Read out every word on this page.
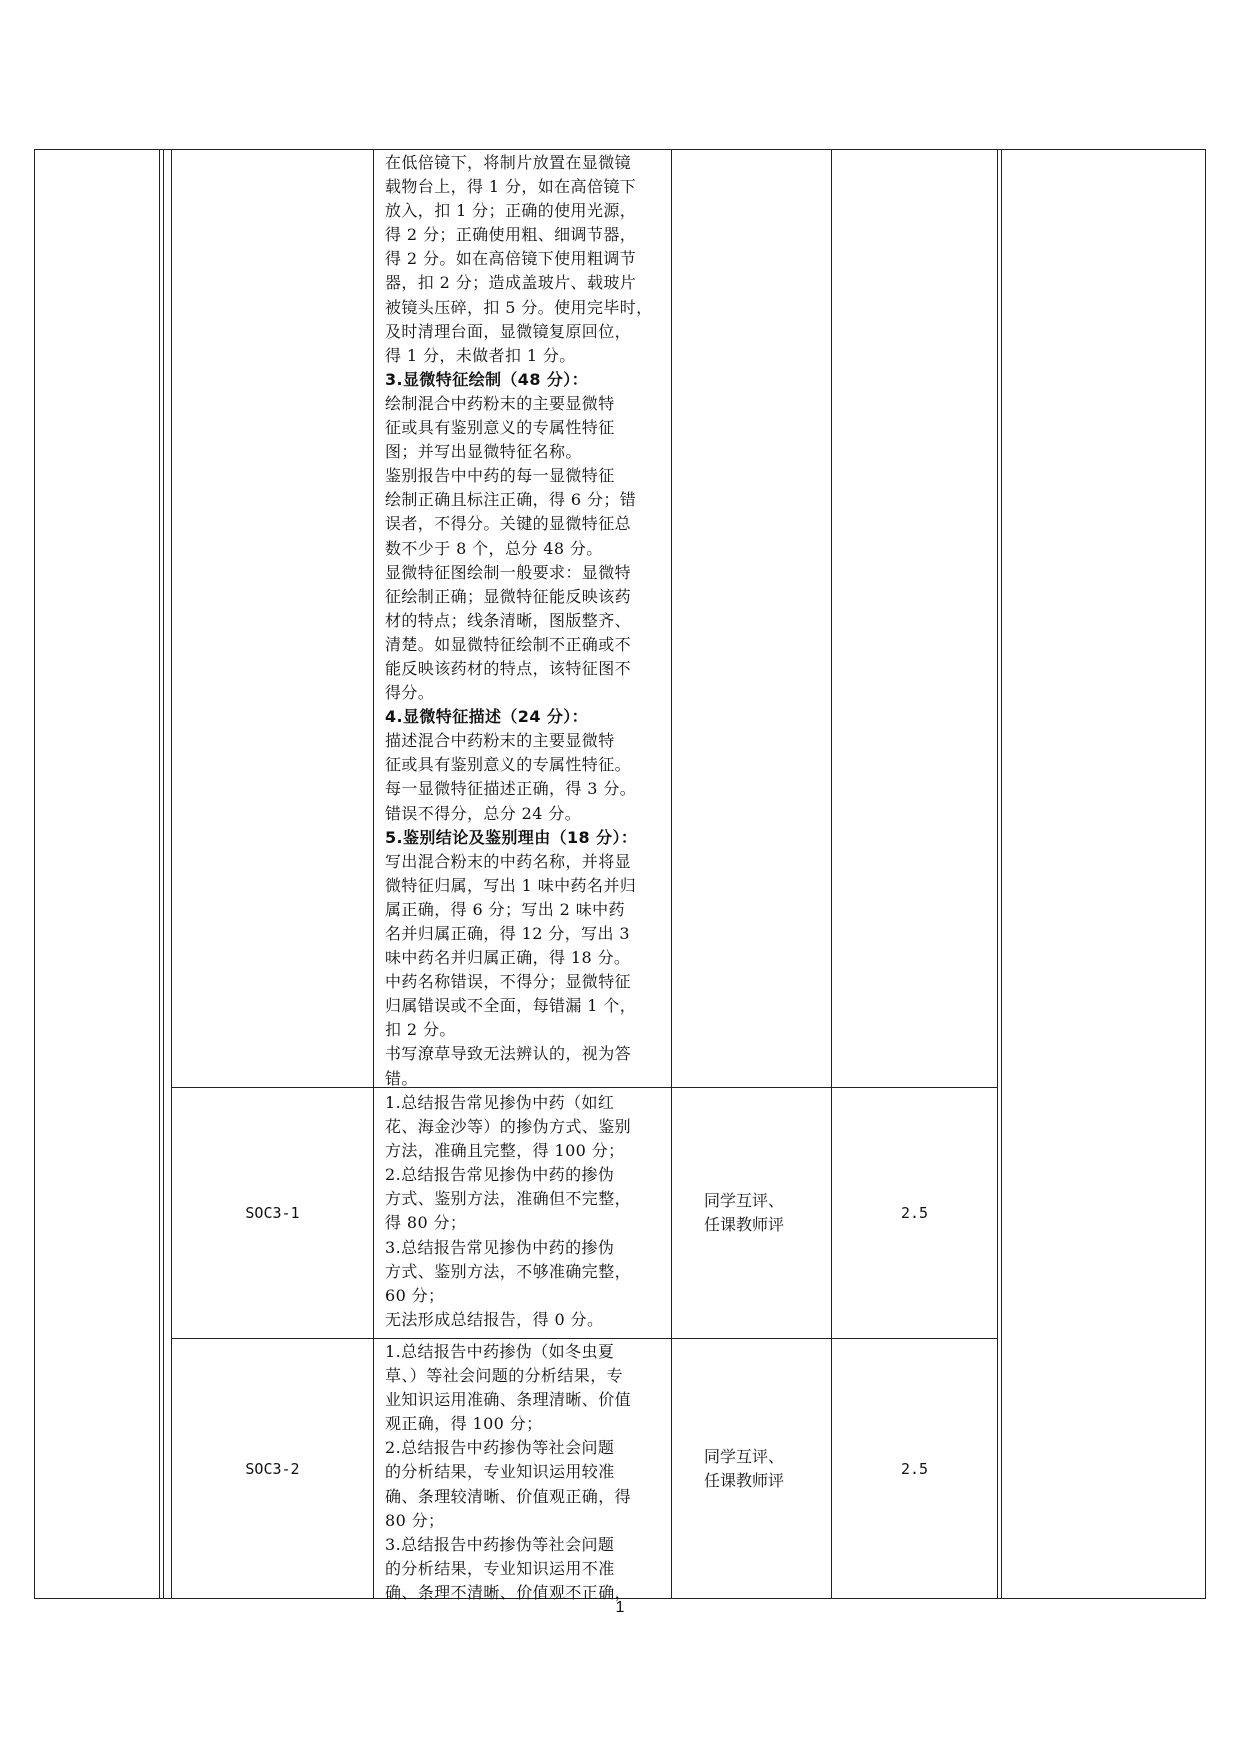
在低倍镜下，将制片放置在显微镜

载物台上，得 1 分，如在高倍镜下

放入，扣 1 分；正确的使用光源，

得 2 分；正确使用粗、细调节器，

得 2 分。如在高倍镜下使用粗调节

器，扣 2 分；造成盖玻片、载玻片

被镜头压碎，扣 5 分。使用完毕时，

及时清理台面，显微镜复原回位，

得 1 分，未做者扣 1 分。

3.显微特征绘制（48 分）：

绘制混合中药粉末的主要显微特

征或具有鉴别意义的专属性特征

图；并写出显微特征名称。

鉴别报告中中药的每一显微特征

绘制正确且标注正确，得 6 分；错

误者，不得分。关键的显微特征总

数不少于 8 个，总分 48 分。

显微特征图绘制一般要求：显微特

征绘制正确；显微特征能反映该药

材的特点；线条清晰，图版整齐、

清楚。如显微特征绘制不正确或不

能反映该药材的特点，该特征图不

得分。

4.显微特征描述（24 分）：

描述混合中药粉末的主要显微特

征或具有鉴别意义的专属性特征。

每一显微特征描述正确，得 3 分。

错误不得分，总分 24 分。

5.鉴别结论及鉴别理由（18 分）：

写出混合粉末的中药名称，并将显

微特征归属，写出 1 味中药名并归

属正确，得 6 分；写出 2 味中药

名并归属正确，得 12 分，写出 3

味中药名并归属正确，得 18 分。

中药名称错误，不得分；显微特征

归属错误或不全面，每错漏 1 个，

扣 2 分。

书写潦草导致无法辨认的，视为答

错。

SOC3-1

1.总结报告常见掺伪中药（如红

花、海金沙等）的掺伪方式、鉴别

方法，准确且完整，得 100 分；

2.总结报告常见掺伪中药的掺伪

方式、鉴别方法，准确但不完整，

得 80 分；

3.总结报告常见掺伪中药的掺伪

方式、鉴别方法，不够准确完整，

60 分；

无法形成总结报告，得 0 分。

同学互评、
任课教师评
2.5
SOC3-2

1.总结报告中药掺伪（如冬虫夏

草、）等社会问题的分析结果，专

业知识运用准确、条理清晰、价值

观正确，得 100 分；

2.总结报告中药掺伪等社会问题

的分析结果，专业知识运用较准

确、条理较清晰、价值观正确，得

80 分；

3.总结报告中药掺伪等社会问题

的分析结果，专业知识运用不准

确、条理不清晰、价值观不正确，

同学互评、
任课教师评
2.5
1
